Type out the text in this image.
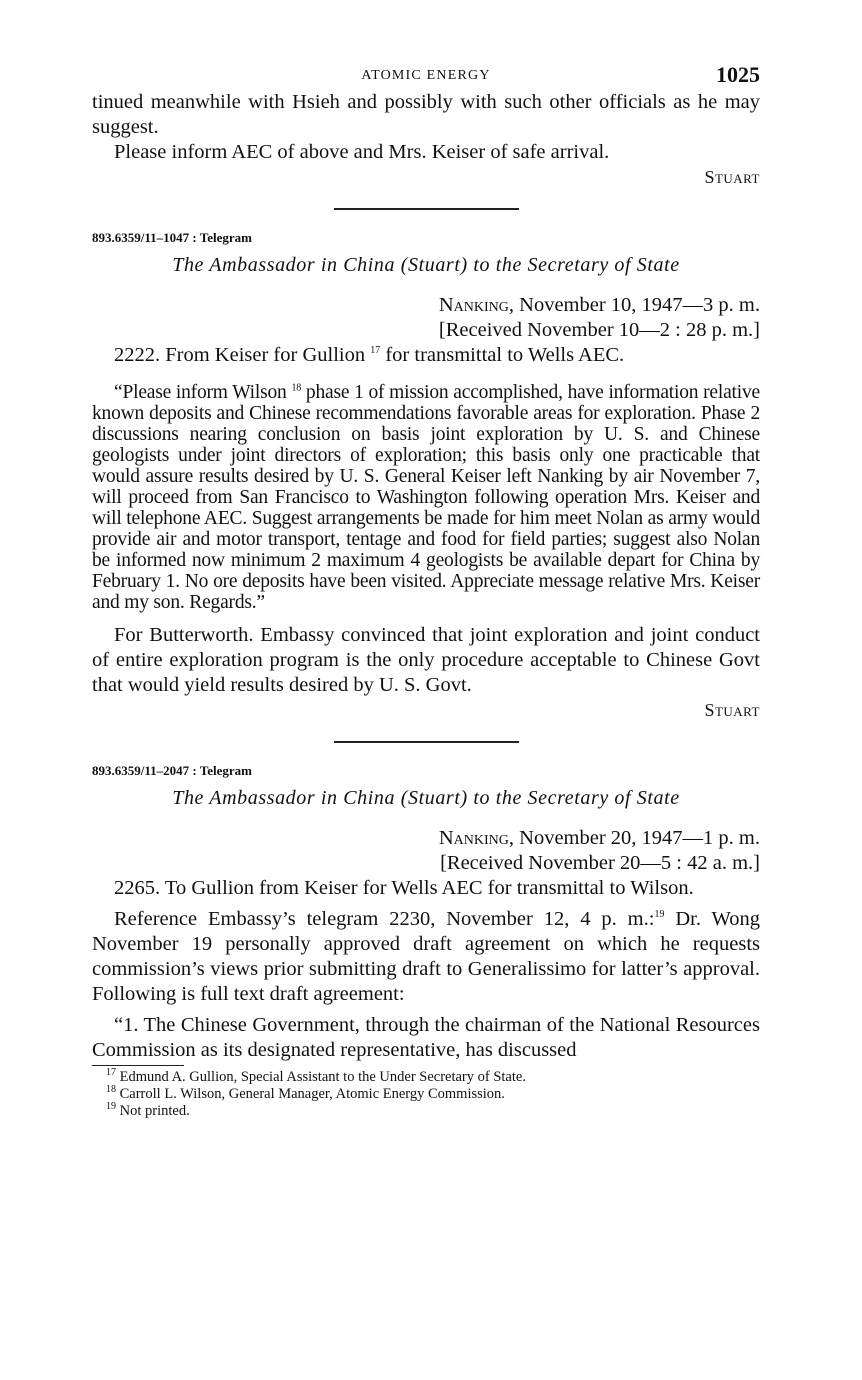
ATOMIC ENERGY	1025

tinued meanwhile with Hsieh and possibly with such other officials as he may suggest.

Please inform AEC of above and Mrs. Keiser of safe arrival.

Stuart
893.6359/11–1047 : Telegram
The Ambassador in China (Stuart) to the Secretary of State
Nanking, November 10, 1947—3 p. m.
[Received November 10—2 : 28 p. m.]

2222. From Keiser for Gullion $^{17}$ for transmittal to Wells AEC.

“Please inform Wilson $^{18}$ phase 1 of mission accomplished, have information relative known deposits and Chinese recommendations favorable areas for exploration. Phase 2 discussions nearing conclusion on basis joint exploration by U. S. and Chinese geologists under joint directors of exploration; this basis only one practicable that would assure results desired by U. S. General Keiser left Nanking by air November 7, will proceed from San Francisco to Washington following operation Mrs. Keiser and will telephone AEC. Suggest arrangements be made for him meet Nolan as army would provide air and motor transport, tentage and food for field parties; suggest also Nolan be informed now minimum 2 maximum 4 geologists be available depart for China by February 1. No ore deposits have been visited. Appreciate message relative Mrs. Keiser and my son. Regards.”

For Butterworth. Embassy convinced that joint exploration and joint conduct of entire exploration program is the only procedure acceptable to Chinese Govt that would yield results desired by U. S. Govt.

Stuart
893.6359/11–2047 : Telegram
The Ambassador in China (Stuart) to the Secretary of State
Nanking, November 20, 1947—1 p. m.
[Received November 20—5 : 42 a. m.]

2265. To Gullion from Keiser for Wells AEC for transmittal to Wilson.

Reference Embassy’s telegram 2230, November 12, 4 p. m.:$^{19}$ Dr. Wong November 19 personally approved draft agreement on which he requests commission’s views prior submitting draft to Generalissimo for latter’s approval. Following is full text draft agreement:

“1. The Chinese Government, through the chairman of the National Resources Commission as its designated representative, has discussed

$^{17}$ Edmund A. Gullion, Special Assistant to the Under Secretary of State.
$^{18}$ Carroll L. Wilson, General Manager, Atomic Energy Commission.
$^{19}$ Not printed.
